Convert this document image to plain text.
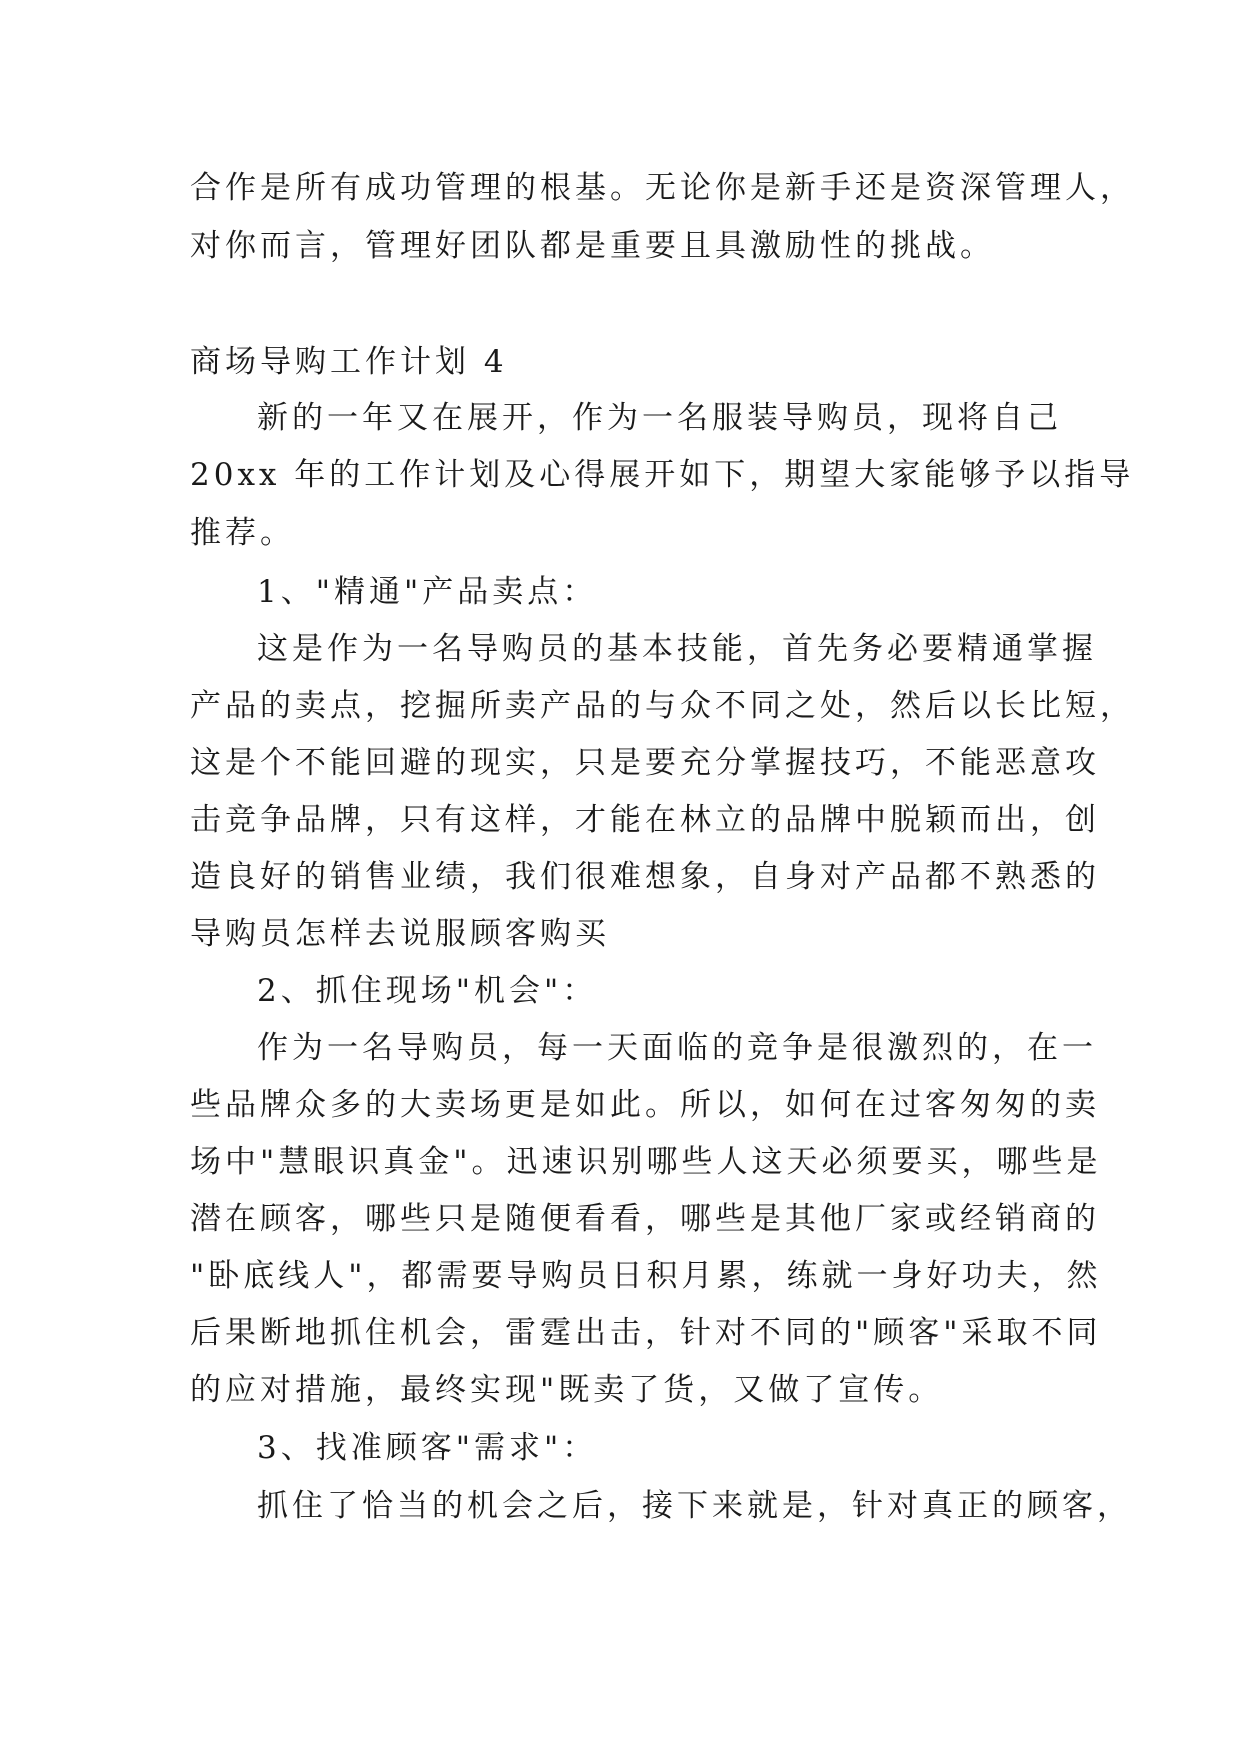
合作是所有成功管理的根基。无论你是新手还是资深管理人，
对你而言，管理好团队都是重要且具激励性的挑战。
商场导购工作计划 4
新的一年又在展开，作为一名服装导购员，现将自己
20xx 年的工作计划及心得展开如下，期望大家能够予以指导
推荐。
1、"精通"产品卖点：
这是作为一名导购员的基本技能，首先务必要精通掌握
产品的卖点，挖掘所卖产品的与众不同之处，然后以长比短，
这是个不能回避的现实，只是要充分掌握技巧，不能恶意攻
击竞争品牌，只有这样，才能在林立的品牌中脱颖而出，创
造良好的销售业绩，我们很难想象，自身对产品都不熟悉的
导购员怎样去说服顾客购买
2、抓住现场"机会"：
作为一名导购员，每一天面临的竞争是很激烈的，在一
些品牌众多的大卖场更是如此。所以，如何在过客匆匆的卖
场中"慧眼识真金"。迅速识别哪些人这天必须要买，哪些是
潜在顾客，哪些只是随便看看，哪些是其他厂家或经销商的
"卧底线人"，都需要导购员日积月累，练就一身好功夫，然
后果断地抓住机会，雷霆出击，针对不同的"顾客"采取不同
的应对措施，最终实现"既卖了货，又做了宣传。
3、找准顾客"需求"：
抓住了恰当的机会之后，接下来就是，针对真正的顾客，
